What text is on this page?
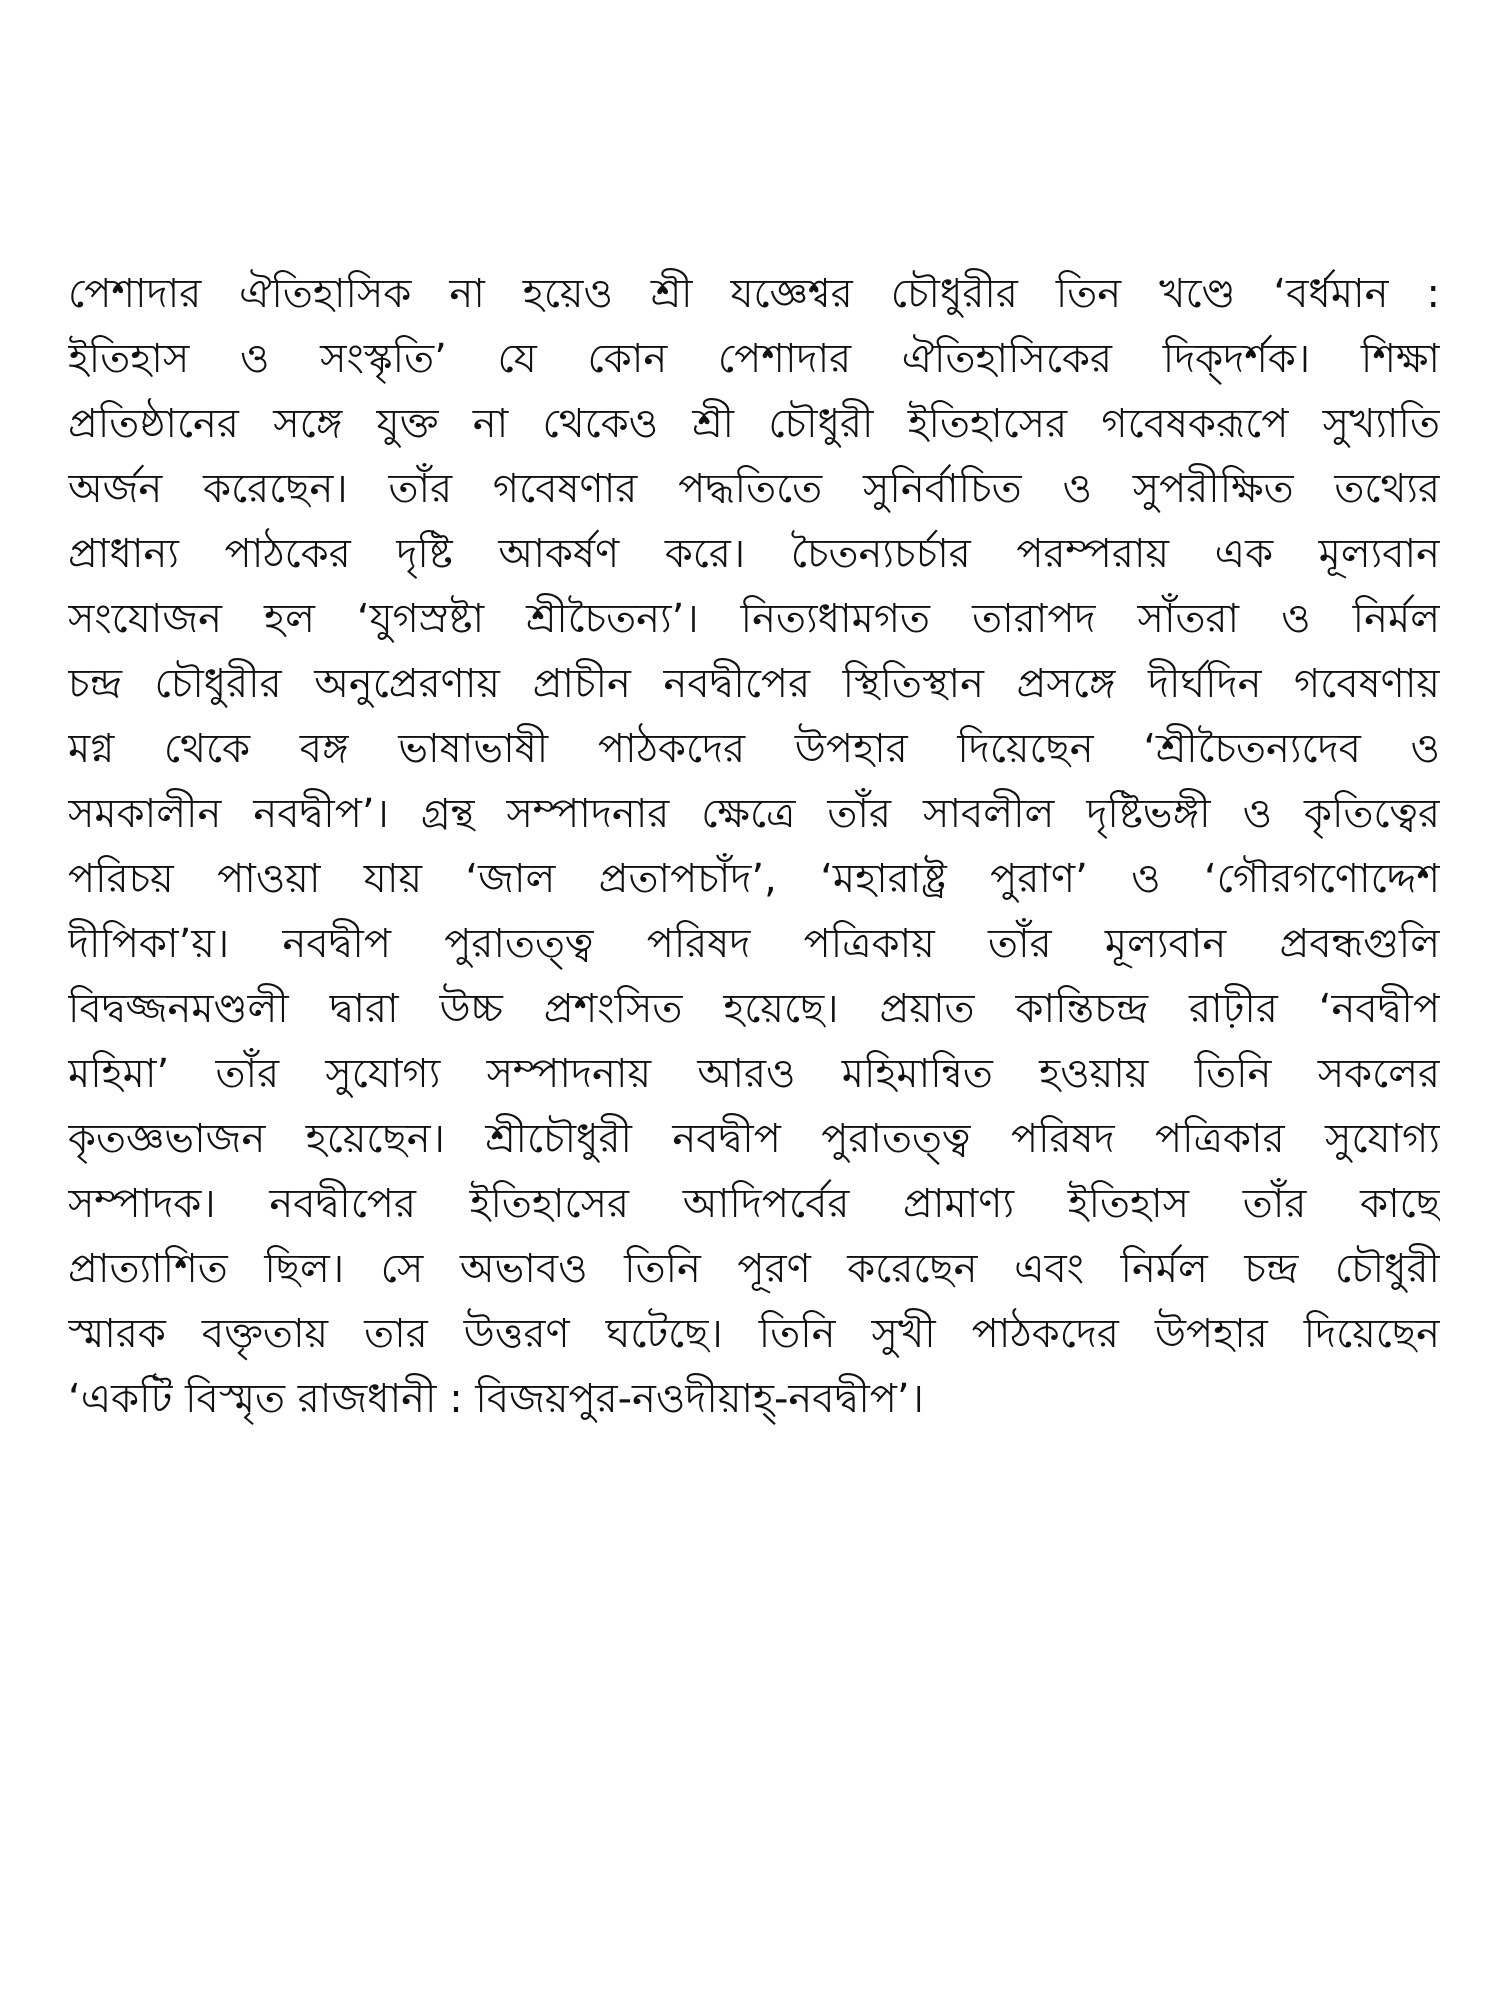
পেশাদার ঐতিহাসিক না হয়েও শ্রী যজ্ঞেশ্বর চৌধুরীর তিন খণ্ডে ‘বর্ধমান :
ইতিহাস ও সংস্কৃতি’ যে কোন পেশাদার ঐতিহাসিকের দিক্দর্শক। শিক্ষা
প্রতিষ্ঠানের সঙ্গে যুক্ত না থেকেও শ্রী চৌধুরী ইতিহাসের গবেষকরূপে সুখ্যাতি
অর্জন করেছেন। তাঁর গবেষণার পদ্ধতিতে সুনির্বাচিত ও সুপরীক্ষিত তথ্যের
প্রাধান্য পাঠকের দৃষ্টি আকর্ষণ করে। চৈতন্যচর্চার পরম্পরায় এক মূল্যবান
সংযোজন হল ‘যুগস্রষ্টা শ্রীচৈতন্য’। নিত্যধামগত তারাপদ সাঁতরা ও নির্মল
চন্দ্র চৌধুরীর অনুপ্রেরণায় প্রাচীন নবদ্বীপের স্থিতিস্থান প্রসঙ্গে দীর্ঘদিন গবেষণায়
মগ্ন থেকে বঙ্গ ভাষাভাষী পাঠকদের উপহার দিয়েছেন ‘শ্রীচৈতন্যদেব ও
সমকালীন নবদ্বীপ’। গ্রন্থ সম্পাদনার ক্ষেত্রে তাঁর সাবলীল দৃষ্টিভঙ্গী ও কৃতিত্বের
পরিচয় পাওয়া যায় ‘জাল প্রতাপচাঁদ’, ‘মহারাষ্ট্র পুরাণ’ ও ‘গৌরগণোদ্দেশ
দীপিকা’য়। নবদ্বীপ পুরাতত্ত্ব পরিষদ পত্রিকায় তাঁর মূল্যবান প্রবন্ধগুলি
বিদ্বজ্জনমণ্ডলী দ্বারা উচ্চ প্রশংসিত হয়েছে। প্রয়াত কান্তিচন্দ্র রাঢ়ীর ‘নবদ্বীপ
মহিমা’ তাঁর সুযোগ্য সম্পাদনায় আরও মহিমান্বিত হওয়ায় তিনি সকলের
কৃতজ্ঞভাজন হয়েছেন। শ্রীচৌধুরী নবদ্বীপ পুরাতত্ত্ব পরিষদ পত্রিকার সুযোগ্য
সম্পাদক। নবদ্বীপের ইতিহাসের আদিপর্বের প্রামাণ্য ইতিহাস তাঁর কাছে
প্রাত্যাশিত ছিল। সে অভাবও তিনি পূরণ করেছেন এবং নির্মল চন্দ্র চৌধুরী
স্মারক বক্তৃতায় তার উত্তরণ ঘটেছে। তিনি সুখী পাঠকদের উপহার দিয়েছেন
‘একটি বিস্মৃত রাজধানী : বিজয়পুর-নওদীয়াহ্-নবদ্বীপ’।
